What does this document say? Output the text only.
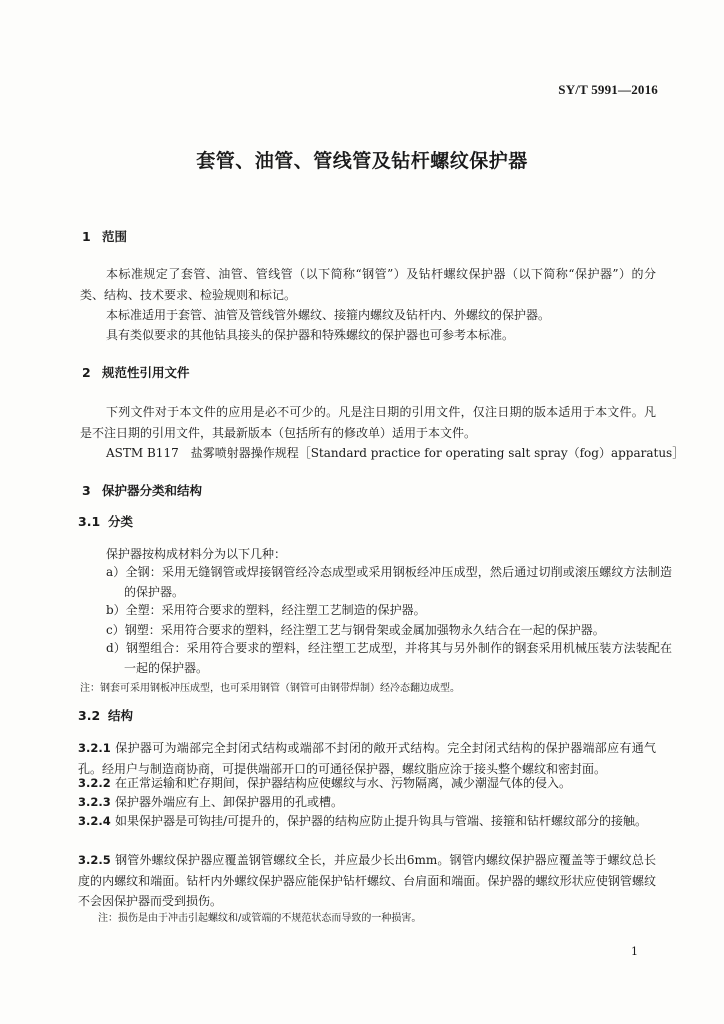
SY/T 5991—2016
套管、油管、管线管及钻杆螺纹保护器
1 范围
本标准规定了套管、油管、管线管（以下简称“钢管”）及钻杆螺纹保护器（以下简称“保护器”）的分类、结构、技术要求、检验规则和标记。
本标准适用于套管、油管及管线管外螺纹、接箍内螺纹及钻杆内、外螺纹的保护器。
具有类似要求的其他钻具接头的保护器和特殊螺纹的保护器也可参考本标准。
2 规范性引用文件
下列文件对于本文件的应用是必不可少的。凡是注日期的引用文件，仅注日期的版本适用于本文件。凡是不注日期的引用文件，其最新版本（包括所有的修改单）适用于本文件。
ASTM B117　盐雾喷射器操作规程［Standard practice for operating salt spray（fog）apparatus］
3 保护器分类和结构
3.1 分类
保护器按构成材料分为以下几种：
a）全钢：采用无缝钢管或焊接钢管经冷态成型或采用钢板经冲压成型，然后通过切削或滚压螺纹方法制造的保护器。
b）全塑：采用符合要求的塑料，经注塑工艺制造的保护器。
c）钢塑：采用符合要求的塑料，经注塑工艺与钢骨架或金属加强物永久结合在一起的保护器。
d）钢塑组合：采用符合要求的塑料，经注塑工艺成型，并将其与另外制作的钢套采用机械压装方法装配在一起的保护器。
注：钢套可采用钢板冲压成型，也可采用钢管（钢管可由钢带焊制）经冷态翻边成型。
3.2 结构
3.2.1 保护器可为端部完全封闭式结构或端部不封闭的敞开式结构。完全封闭式结构的保护器端部应有通气孔。经用户与制造商协商，可提供端部开口的可通径保护器，螺纹脂应涂于接头整个螺纹和密封面。
3.2.2 在正常运输和贮存期间，保护器结构应使螺纹与水、污物隔离，减少潮湿气体的侵入。
3.2.3 保护器外端应有上、卸保护器用的孔或槽。
3.2.4 如果保护器是可钩挂/可提升的，保护器的结构应防止提升钩具与管端、接箍和钻杆螺纹部分的接触。
3.2.5 钢管外螺纹保护器应覆盖钢管螺纹全长，并应最少长出6mm。钢管内螺纹保护器应覆盖等于螺纹总长度的内螺纹和端面。钻杆内外螺纹保护器应能保护钻杆螺纹、台肩面和端面。保护器的螺纹形状应使钢管螺纹不会因保护器而受到损伤。
注：损伤是由于冲击引起螺纹和/或管端的不规范状态而导致的一种损害。
1
